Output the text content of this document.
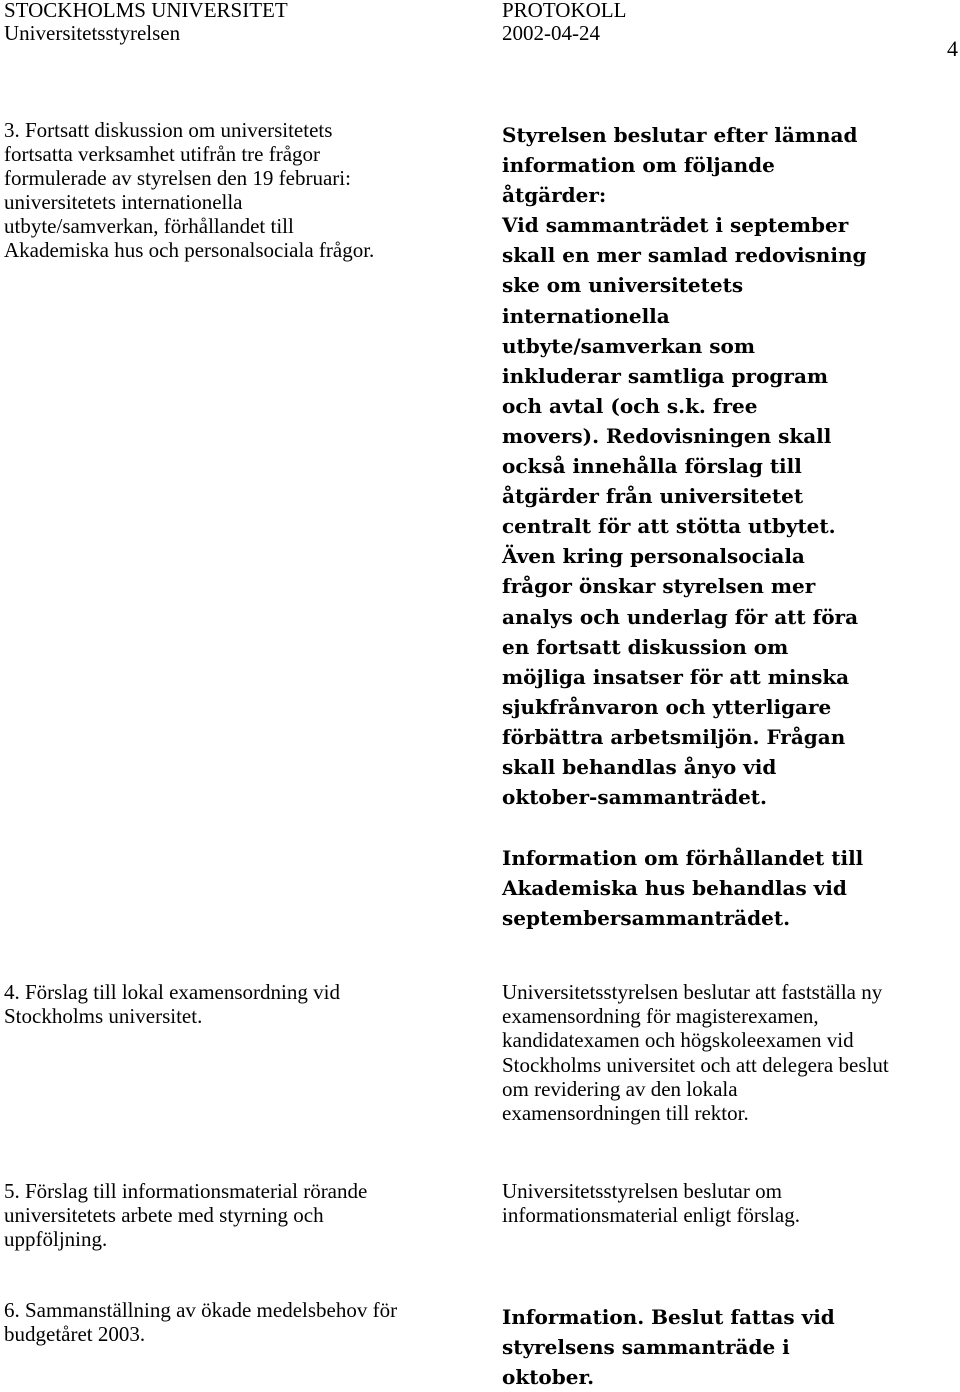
STOCKHOLMS UNIVERSITET	PROTOKOLL
Universitetsstyrelsen	2002-04-24
4
3. Fortsatt diskussion om universitetets
fortsatta verksamhet utifrån tre frågor
formulerade av styrelsen den 19 februari:
universitetets internationella
utbyte/samverkan, förhållandet till
Akademiska hus och personalsociala frågor.
Styrelsen beslutar efter lämnad
information om följande
åtgärder:
Vid sammanträdet i september
skall en mer samlad redovisning
ske om universitetets
internationella
utbyte/samverkan som
inkluderar samtliga program
och avtal (och s.k. free
movers). Redovisningen skall
också innehålla förslag till
åtgärder från universitetet
centralt för att stötta utbytet.
Även kring personalsociala
frågor önskar styrelsen mer
analys och underlag för att föra
en fortsatt diskussion om
möjliga insatser för att minska
sjukfrånvaron och ytterligare
förbättra arbetsmiljön. Frågan
skall behandlas ånyo vid
oktober-sammanträdet.
Information om förhållandet till
Akademiska hus behandlas vid
septembersammanträdet.
4. Förslag till lokal examensordning vid
Stockholms universitet.
Universitetsstyrelsen beslutar att fastställa ny
examensordning för magisterexamen,
kandidatexamen och högskoleexamen vid
Stockholms universitet och att delegera beslut
om revidering av den lokala
examensordningen till rektor.
5. Förslag till informationsmaterial rörande
universitetets arbete med styrning och
uppföljning.
Universitetsstyrelsen beslutar om
informationsmaterial enligt förslag.
6. Sammanställning av ökade medelsbehov för
budgetåret 2003.
Information. Beslut fattas vid
styrelsens sammanträde i
oktober.
